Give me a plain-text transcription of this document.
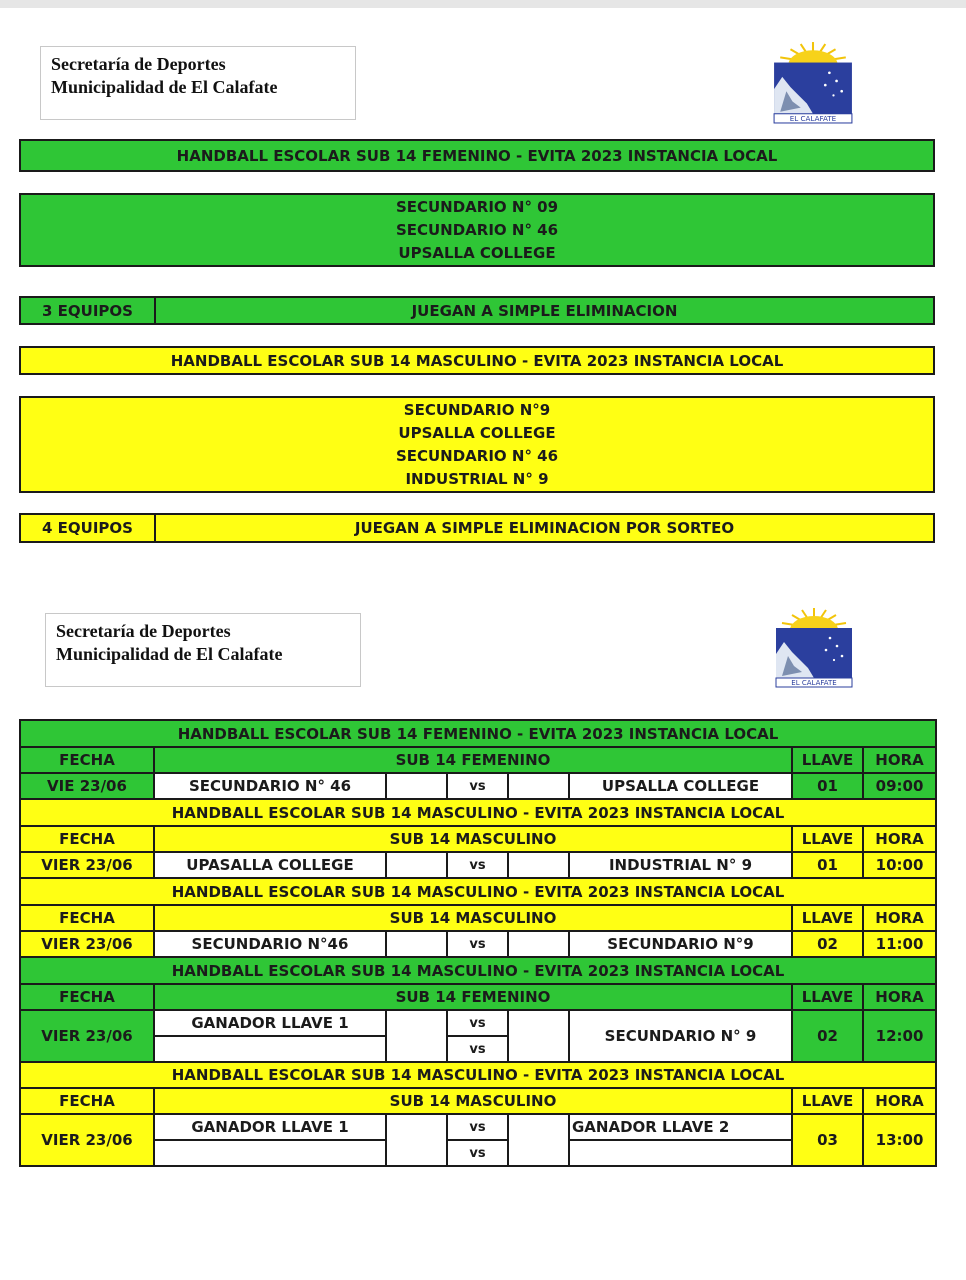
Secretaría de Deportes
Municipalidad de El Calafate
EL CALAFATE
HANDBALL ESCOLAR SUB 14 FEMENINO - EVITA 2023 INSTANCIA LOCAL
SECUNDARIO N° 09
SECUNDARIO N° 46
UPSALLA COLLEGE
3 EQUIPOS	JUEGAN A SIMPLE ELIMINACION
HANDBALL ESCOLAR SUB 14 MASCULINO - EVITA 2023 INSTANCIA LOCAL
SECUNDARIO N°9
UPSALLA COLLEGE
SECUNDARIO N° 46
INDUSTRIAL N° 9
4 EQUIPOS	JUEGAN A SIMPLE ELIMINACION POR SORTEO
Secretaría de Deportes
Municipalidad de El Calafate
EL CALAFATE
HANDBALL ESCOLAR SUB 14 FEMENINO - EVITA 2023 INSTANCIA LOCAL							
FECHA	SUB 14 FEMENINO					LLAVE	HORA
VIE 23/06	SECUNDARIO N° 46		vs		UPSALLA COLLEGE	01	09:00
HANDBALL ESCOLAR SUB 14 MASCULINO - EVITA 2023 INSTANCIA LOCAL							
FECHA	SUB 14 MASCULINO					LLAVE	HORA
VIER 23/06	UPASALLA COLLEGE		vs		INDUSTRIAL N° 9	01	10:00
HANDBALL ESCOLAR SUB 14 MASCULINO - EVITA 2023 INSTANCIA LOCAL							
FECHA	SUB 14 MASCULINO					LLAVE	HORA
VIER 23/06	SECUNDARIO N°46		vs		SECUNDARIO N°9	02	11:00
HANDBALL ESCOLAR SUB 14 MASCULINO - EVITA 2023 INSTANCIA LOCAL							
FECHA	SUB 14 FEMENINO					LLAVE	HORA
VIER 23/06	GANADOR LLAVE 1		vs		SECUNDARIO N° 9	02	12:00
			vs				
HANDBALL ESCOLAR SUB 14 MASCULINO - EVITA 2023 INSTANCIA LOCAL							
FECHA	SUB 14 MASCULINO					LLAVE	HORA
VIER 23/06	GANADOR LLAVE 1		vs		GANADOR LLAVE 2	03	13:00
			vs				
